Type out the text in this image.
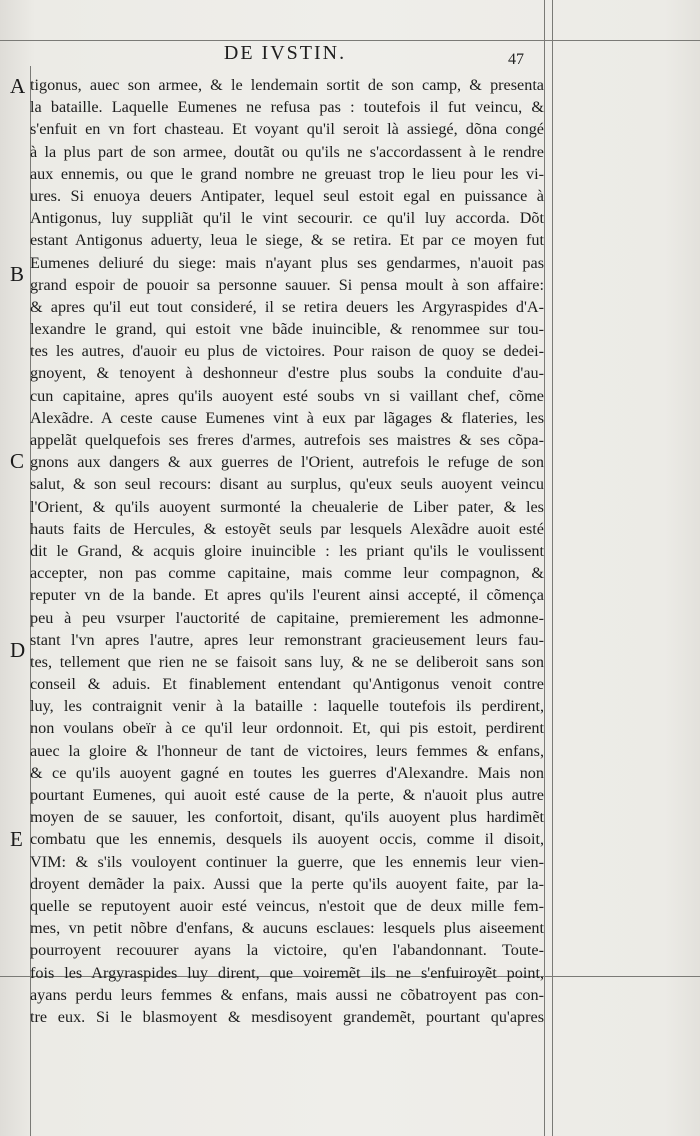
DE IVSTIN.	47
A
B
C
D
E
tigonus, auec son armee, & le lendemain sortit de son camp, & presenta
la bataille. Laquelle Eumenes ne refusa pas : toutefois il fut veincu, &
s'enfuit en vn fort chasteau. Et voyant qu'il seroit là assiegé, dõna congé
à la plus part de son armee, doutãt ou qu'ils ne s'accordassent à le rendre
aux ennemis, ou que le grand nombre ne greuast trop le lieu pour les vi-
ures. Si enuoya deuers Antipater, lequel seul estoit egal en puissance à
Antigonus, luy suppliãt qu'il le vint secourir. ce qu'il luy accorda. Dõt
estant Antigonus aduerty, leua le siege, & se retira. Et par ce moyen fut
Eumenes deliuré du siege: mais n'ayant plus ses gendarmes, n'auoit pas
grand espoir de pouoir sa personne sauuer. Si pensa moult à son affaire:
& apres qu'il eut tout consideré, il se retira deuers les Argyraspides d'A-
lexandre le grand, qui estoit vne bãde inuincible, & renommee sur tou-
tes les autres, d'auoir eu plus de victoires. Pour raison de quoy se dedei-
gnoyent, & tenoyent à deshonneur d'estre plus soubs la conduite d'au-
cun capitaine, apres qu'ils auoyent esté soubs vn si vaillant chef, cõme
Alexãdre. A ceste cause Eumenes vint à eux par lãgages & flateries, les
appelãt quelquefois ses freres d'armes, autrefois ses maistres & ses cõpa-
gnons aux dangers & aux guerres de l'Orient, autrefois le refuge de son
salut, & son seul recours: disant au surplus, qu'eux seuls auoyent veincu
l'Orient, & qu'ils auoyent surmonté la cheualerie de Liber pater, & les
hauts faits de Hercules, & estoyẽt seuls par lesquels Alexãdre auoit esté
dit le Grand, & acquis gloire inuincible : les priant qu'ils le voulissent
accepter, non pas comme capitaine, mais comme leur compagnon, &
reputer vn de la bande. Et apres qu'ils l'eurent ainsi accepté, il cõmença
peu à peu vsurper l'auctorité de capitaine, premierement les admonne-
stant l'vn apres l'autre, apres leur remonstrant gracieusement leurs fau-
tes, tellement que rien ne se faisoit sans luy, & ne se deliberoit sans son
conseil & aduis. Et finablement entendant qu'Antigonus venoit contre
luy, les contraignit venir à la bataille : laquelle toutefois ils perdirent,
non voulans obeïr à ce qu'il leur ordonnoit. Et, qui pis estoit, perdirent
auec la gloire & l'honneur de tant de victoires, leurs femmes & enfans,
& ce qu'ils auoyent gagné en toutes les guerres d'Alexandre. Mais non
pourtant Eumenes, qui auoit esté cause de la perte, & n'auoit plus autre
moyen de se sauuer, les confortoit, disant, qu'ils auoyent plus hardimẽt
combatu que les ennemis, desquels ils auoyent occis, comme il disoit,
VIM: & s'ils vouloyent continuer la guerre, que les ennemis leur vien-
droyent demãder la paix. Aussi que la perte qu'ils auoyent faite, par la-
quelle se reputoyent auoir esté veincus, n'estoit que de deux mille fem-
mes, vn petit nõbre d'enfans, & aucuns esclaues: lesquels plus aiseement
pourroyent recouurer ayans la victoire, qu'en l'abandonnant. Toute-
fois les Argyraspides luy dirent, que voiremẽt ils ne s'enfuiroyẽt point,
ayans perdu leurs femmes & enfans, mais aussi ne cõbatroyent pas con-
tre eux. Si le blasmoyent & mesdisoyent grandemẽt, pourtant qu'apres
